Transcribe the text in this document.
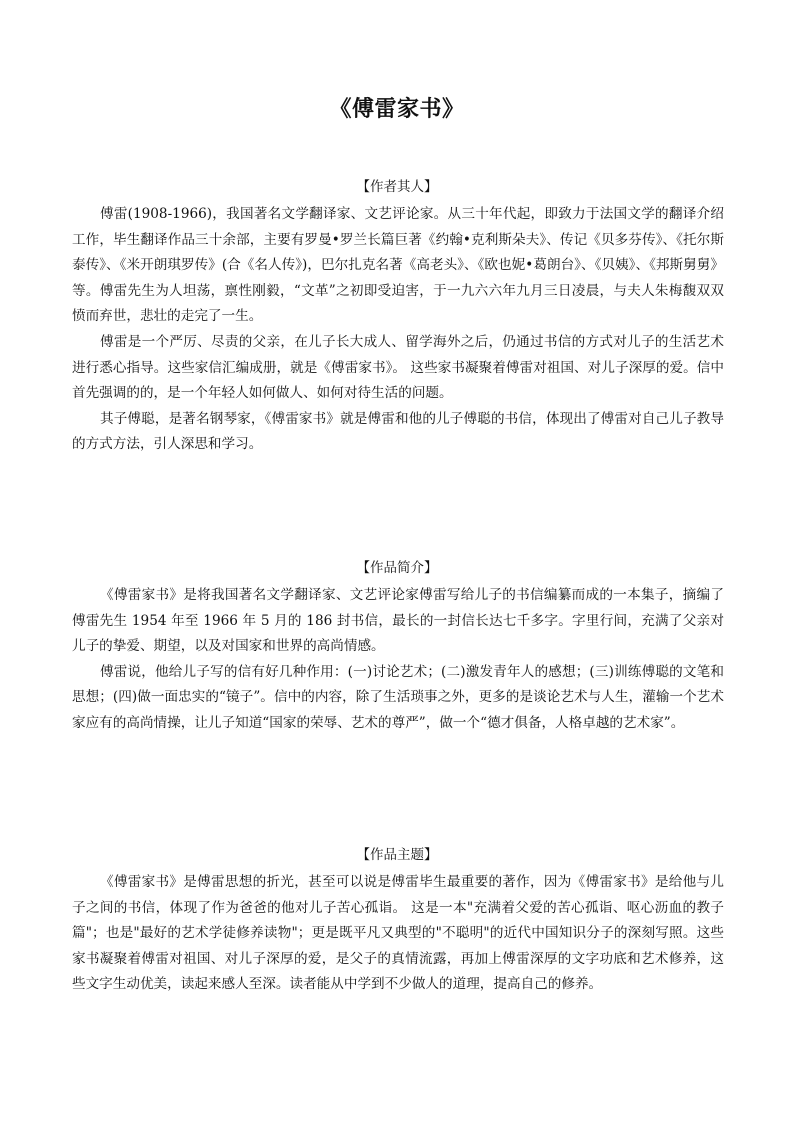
《傅雷家书》
【作者其人】

傅雷(1908-1966)，我国著名文学翻译家、文艺评论家。从三十年代起，即致力于法国文学的翻译介绍工作，毕生翻译作品三十余部，主要有罗曼•罗兰长篇巨著《约翰•克利斯朵夫》、传记《贝多芬传》、《托尔斯泰传》、《米开朗琪罗传》(合《名人传》)，巴尔扎克名著《高老头》、《欧也妮•葛朗台》、《贝姨》、《邦斯舅舅》等。傅雷先生为人坦荡，禀性刚毅，“文革”之初即受迫害，于一九六六年九月三日凌晨，与夫人朱梅馥双双愤而弃世，悲壮的走完了一生。

傅雷是一个严厉、尽责的父亲，在儿子长大成人、留学海外之后，仍通过书信的方式对儿子的生活艺术进行悉心指导。这些家信汇编成册，就是《傅雷家书》。 这些家书凝聚着傅雷对祖国、对儿子深厚的爱。信中首先强调的的，是一个年轻人如何做人、如何对待生活的问题。

其子傅聪，是著名钢琴家，《傅雷家书》就是傅雷和他的儿子傅聪的书信，体现出了傅雷对自己儿子教导的方式方法，引人深思和学习。

【作品简介】

《傅雷家书》是将我国著名文学翻译家、文艺评论家傅雷写给儿子的书信编纂而成的一本集子，摘编了傅雷先生 1954 年至 1966 年 5 月的 186 封书信，最长的一封信长达七千多字。字里行间，充满了父亲对儿子的挚爱、期望，以及对国家和世界的高尚情感。

傅雷说，他给儿子写的信有好几种作用：(一)讨论艺术；(二)激发青年人的感想；(三)训练傅聪的文笔和思想；(四)做一面忠实的“镜子”。信中的内容，除了生活琐事之外，更多的是谈论艺术与人生，灌输一个艺术家应有的高尚情操，让儿子知道“国家的荣辱、艺术的尊严”，做一个“德才俱备，人格卓越的艺术家”。

【作品主题】

《傅雷家书》是傅雷思想的折光，甚至可以说是傅雷毕生最重要的著作，因为《傅雷家书》是给他与儿子之间的书信，体现了作为爸爸的他对儿子苦心孤诣。 这是一本"充满着父爱的苦心孤诣、呕心沥血的教子篇"；也是"最好的艺术学徒修养读物"；更是既平凡又典型的"不聪明"的近代中国知识分子的深刻写照。这些家书凝聚着傅雷对祖国、对儿子深厚的爱，是父子的真情流露，再加上傅雷深厚的文字功底和艺术修养，这些文字生动优美，读起来感人至深。读者能从中学到不少做人的道理，提高自己的修养。
